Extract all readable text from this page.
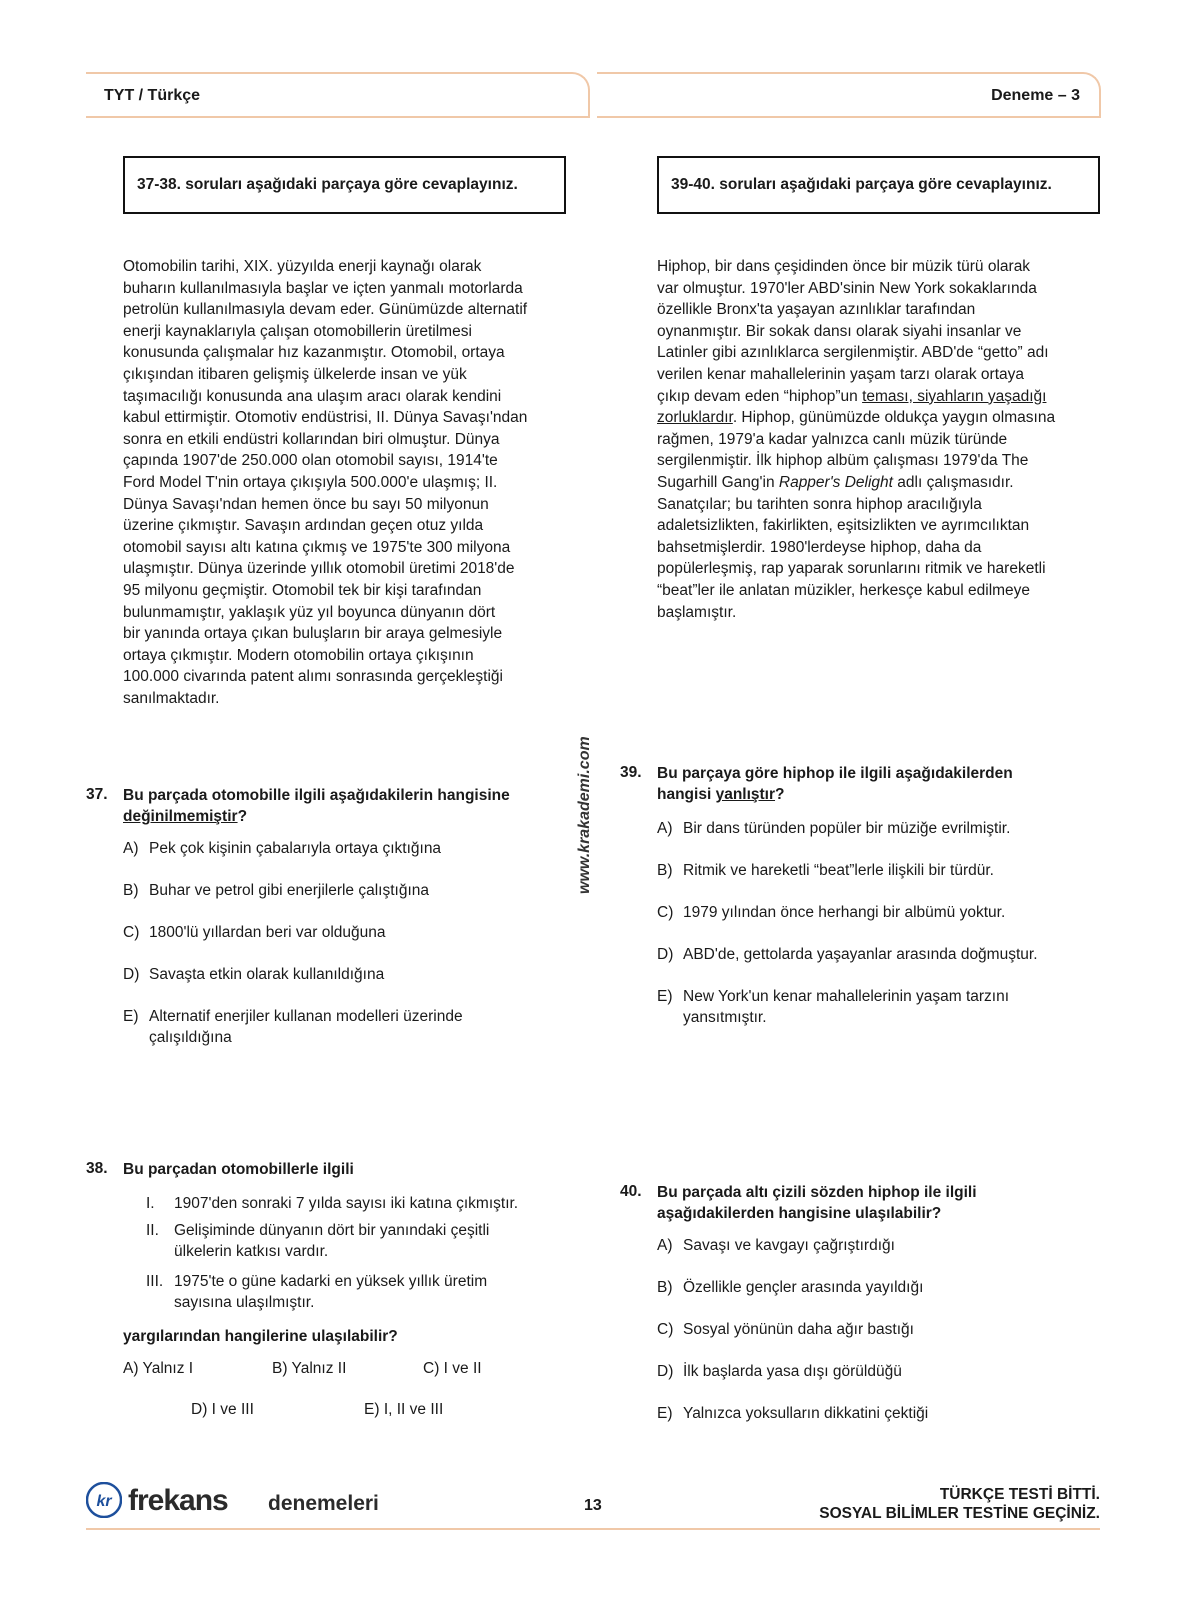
TYT / Türkçe	Deneme – 3
37-38. soruları aşağıdaki parçaya göre cevaplayınız.	39-40. soruları aşağıdaki parçaya göre cevaplayınız.
Otomobilin tarihi, XIX. yüzyılda enerji kaynağı olarak
buharın kullanılmasıyla başlar ve içten yanmalı motorlarda
petrolün kullanılmasıyla devam eder. Günümüzde alternatif
enerji kaynaklarıyla çalışan otomobillerin üretilmesi
konusunda çalışmalar hız kazanmıştır. Otomobil, ortaya
çıkışından itibaren gelişmiş ülkelerde insan ve yük
taşımacılığı konusunda ana ulaşım aracı olarak kendini
kabul ettirmiştir. Otomotiv endüstrisi, II. Dünya Savaşı'ndan
sonra en etkili endüstri kollarından biri olmuştur. Dünya
çapında 1907'de 250.000 olan otomobil sayısı, 1914'te
Ford Model T'nin ortaya çıkışıyla 500.000'e ulaşmış; II.
Dünya Savaşı'ndan hemen önce bu sayı 50 milyonun
üzerine çıkmıştır. Savaşın ardından geçen otuz yılda
otomobil sayısı altı katına çıkmış ve 1975'te 300 milyona
ulaşmıştır. Dünya üzerinde yıllık otomobil üretimi 2018'de
95 milyonu geçmiştir. Otomobil tek bir kişi tarafından
bulunmamıştır, yaklaşık yüz yıl boyunca dünyanın dört
bir yanında ortaya çıkan buluşların bir araya gelmesiyle
ortaya çıkmıştır. Modern otomobilin ortaya çıkışının
100.000 civarında patent alımı sonrasında gerçekleştiği
sanılmaktadır.
Hiphop, bir dans çeşidinden önce bir müzik türü olarak
var olmuştur. 1970'ler ABD'sinin New York sokaklarında
özellikle Bronx'ta yaşayan azınlıklar tarafından
oynanmıştır. Bir sokak dansı olarak siyahi insanlar ve
Latinler gibi azınlıklarca sergilenmiştir. ABD'de “getto” adı
verilen kenar mahallelerinin yaşam tarzı olarak ortaya
çıkıp devam eden “hiphop”un teması, siyahların yaşadığı
zorluklardır. Hiphop, günümüzde oldukça yaygın olmasına
rağmen, 1979'a kadar yalnızca canlı müzik türünde
sergilenmiştir. İlk hiphop albüm çalışması 1979'da The
Sugarhill Gang'in Rapper's Delight adlı çalışmasıdır.
Sanatçılar; bu tarihten sonra hiphop aracılığıyla
adaletsizlikten, fakirlikten, eşitsizlikten ve ayrımcılıktan
bahsetmişlerdir. 1980'lerdeyse hiphop, daha da
popülerleşmiş, rap yaparak sorunlarını ritmik ve hareketli
“beat”ler ile anlatan müzikler, herkesçe kabul edilmeye
başlamıştır.
www.krakademi.com
37. Bu parçada otomobille ilgili aşağıdakilerin hangisine
değinilmemiştir?
A) Pek çok kişinin çabalarıyla ortaya çıktığına
B) Buhar ve petrol gibi enerjilerle çalıştığına
C) 1800'lü yıllardan beri var olduğuna
D) Savaşta etkin olarak kullanıldığına
E) Alternatif enerjiler kullanan modelleri üzerinde
çalışıldığına
38. Bu parçadan otomobillerle ilgili
I. 1907'den sonraki 7 yılda sayısı iki katına çıkmıştır.
II. Gelişiminde dünyanın dört bir yanındaki çeşitli
ülkelerin katkısı vardır.
III. 1975'te o güne kadarki en yüksek yıllık üretim
sayısına ulaşılmıştır.
yargılarından hangilerine ulaşılabilir?
A) Yalnız I	B) Yalnız II	C) I ve II
D) I ve III	E) I, II ve III
39. Bu parçaya göre hiphop ile ilgili aşağıdakilerden
hangisi yanlıştır?
A) Bir dans türünden popüler bir müziğe evrilmiştir.
B) Ritmik ve hareketli “beat”lerle ilişkili bir türdür.
C) 1979 yılından önce herhangi bir albümü yoktur.
D) ABD'de, gettolarda yaşayanlar arasında doğmuştur.
E) New York'un kenar mahallelerinin yaşam tarzını
yansıtmıştır.
40. Bu parçada altı çizili sözden hiphop ile ilgili
aşağıdakilerden hangisine ulaşılabilir?
A) Savaşı ve kavgayı çağrıştırdığı
B) Özellikle gençler arasında yayıldığı
C) Sosyal yönünün daha ağır bastığı
D) İlk başlarda yasa dışı görüldüğü
E) Yalnızca yoksulların dikkatini çektiği
kr frekans denemeleri	13
TÜRKÇE TESTİ BİTTİ.
SOSYAL BİLİMLER TESTİNE GEÇİNİZ.
